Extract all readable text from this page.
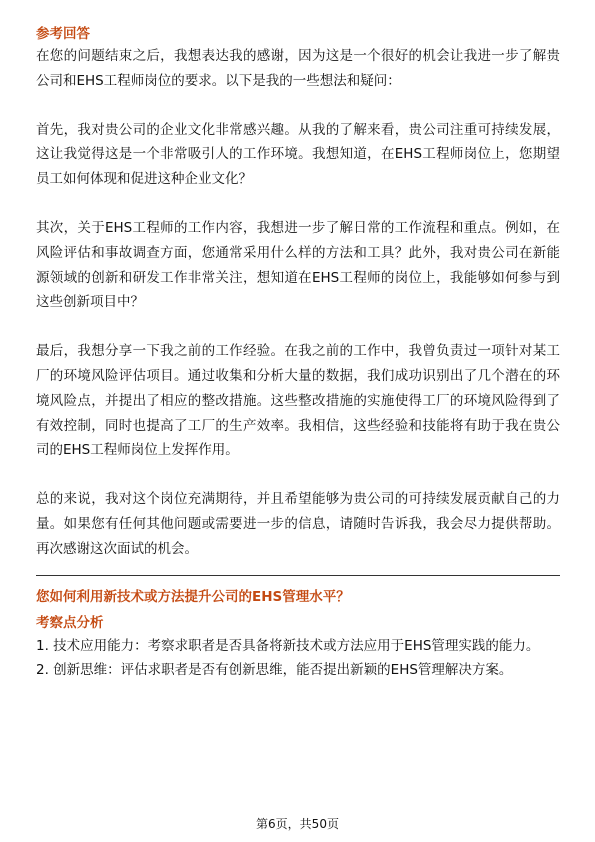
参考回答

在您的问题结束之后，我想表达我的感谢，因为这是一个很好的机会让我进一步了解贵公司和EHS工程师岗位的要求。以下是我的一些想法和疑问：

首先，我对贵公司的企业文化非常感兴趣。从我的了解来看，贵公司注重可持续发展，这让我觉得这是一个非常吸引人的工作环境。我想知道，在EHS工程师岗位上，您期望员工如何体现和促进这种企业文化？

其次，关于EHS工程师的工作内容，我想进一步了解日常的工作流程和重点。例如，在风险评估和事故调查方面，您通常采用什么样的方法和工具？此外，我对贵公司在新能源领域的创新和研发工作非常关注，想知道在EHS工程师的岗位上，我能够如何参与到这些创新项目中？

最后，我想分享一下我之前的工作经验。在我之前的工作中，我曾负责过一项针对某工厂的环境风险评估项目。通过收集和分析大量的数据，我们成功识别出了几个潜在的环境风险点，并提出了相应的整改措施。这些整改措施的实施使得工厂的环境风险得到了有效控制，同时也提高了工厂的生产效率。我相信，这些经验和技能将有助于我在贵公司的EHS工程师岗位上发挥作用。

总的来说，我对这个岗位充满期待，并且希望能够为贵公司的可持续发展贡献自己的力量。如果您有任何其他问题或需要进一步的信息，请随时告诉我，我会尽力提供帮助。再次感谢这次面试的机会。

您如何利用新技术或方法提升公司的EHS管理水平？

考察点分析

1. 技术应用能力：考察求职者是否具备将新技术或方法应用于EHS管理实践的能力。

2. 创新思维：评估求职者是否有创新思维，能否提出新颖的EHS管理解决方案。

第6页，共50页
